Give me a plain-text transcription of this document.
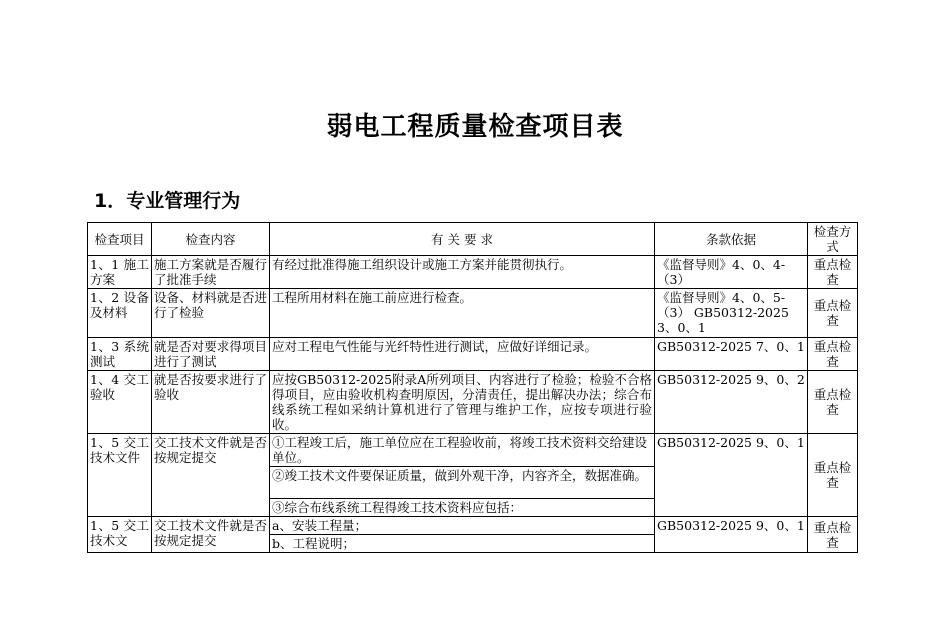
弱电工程质量检查项目表
1．专业管理行为
检查项目	检查内容	有 关 要 求	条款依据	检查方式
1、1 施工方案	施工方案就是否履行了批准手续	有经过批准得施工组织设计或施工方案并能贯彻执行。	《监督导则》4、0、4-（3）	重点检查
1、2 设备及材料	设备、材料就是否进行了检验	工程所用材料在施工前应进行检查。	《监督导则》4、0、5-（3） GB50312-2025 3、0、1	重点检查
1、3 系统测试	就是否对要求得项目进行了测试	应对工程电气性能与光纤特性进行测试，应做好详细记录。	GB50312-2025 7、0、1	重点检查
1、4 交工验收	就是否按要求进行了验收	应按GB50312-2025附录A所列项目、内容进行了检验；检验不合格得项目，应由验收机构查明原因，分清责任，提出解决办法；综合布线系统工程如采纳计算机进行了管理与维护工作，应按专项进行验收。	GB50312-2025 9、0、2	重点检查
1、5 交工技术文件	交工技术文件就是否按规定提交	①工程竣工后，施工单位应在工程验收前，将竣工技术资料交给建设单位。	GB50312-2025 9、0、1	重点检查
		②竣工技术文件要保证质量，做到外观干净，内容齐全，数据准确。		
		③综合布线系统工程得竣工技术资料应包括：		
1、5 交工技术文	交工技术文件就是否按规定提交	a、安装工程量；	GB50312-2025 9、0、1	重点检查
		b、工程说明；		
